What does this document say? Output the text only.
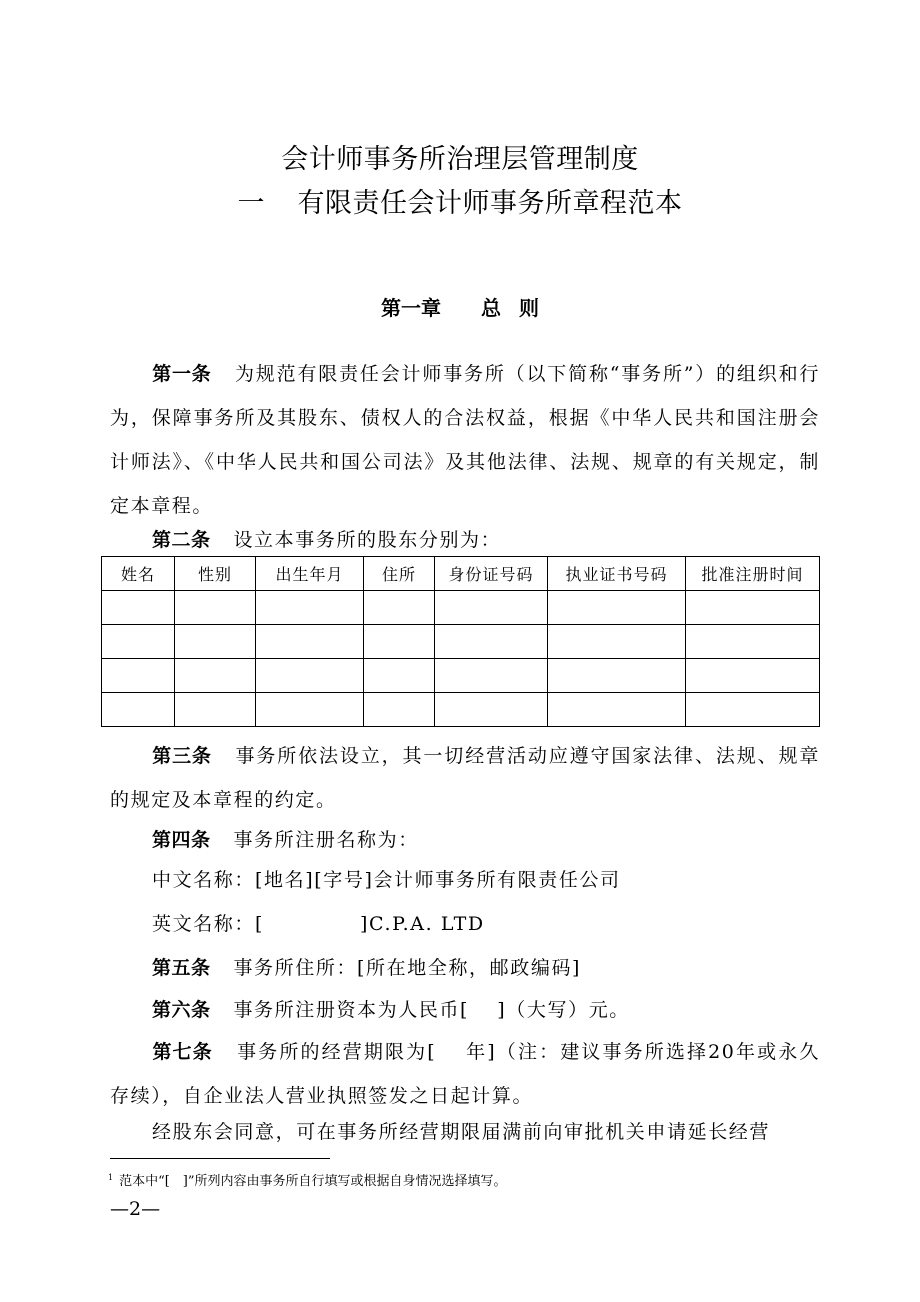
会计师事务所治理层管理制度
一 有限责任会计师事务所章程范本
第一章 总 则
第一条 为规范有限责任会计师事务所（以下简称“事务所”）的组织和行为，保障事务所及其股东、债权人的合法权益，根据《中华人民共和国注册会计师法》、《中华人民共和国公司法》及其他法律、法规、规章的有关规定，制定本章程。
第二条 设立本事务所的股东分别为：
姓名	性别	出生年月	住所	身份证号码	执业证书号码	批准注册时间

第三条 事务所依法设立，其一切经营活动应遵守国家法律、法规、规章的规定及本章程的约定。
第四条 事务所注册名称为：
中文名称：[地名][字号]会计师事务所有限责任公司
英文名称：[	]C.P.A. LTD
第五条 事务所住所：[所在地全称，邮政编码]
第六条 事务所注册资本为人民币[　 ]（大写）元。
第七条 事务所的经营期限为[　 年]（注：建议事务所选择20年或永久存续），自企业法人营业执照签发之日起计算。
经股东会同意，可在事务所经营期限届满前向审批机关申请延长经营
$^1$ 范本中“[　]”所列内容由事务所自行填写或根据自身情况选择填写。
—2—
